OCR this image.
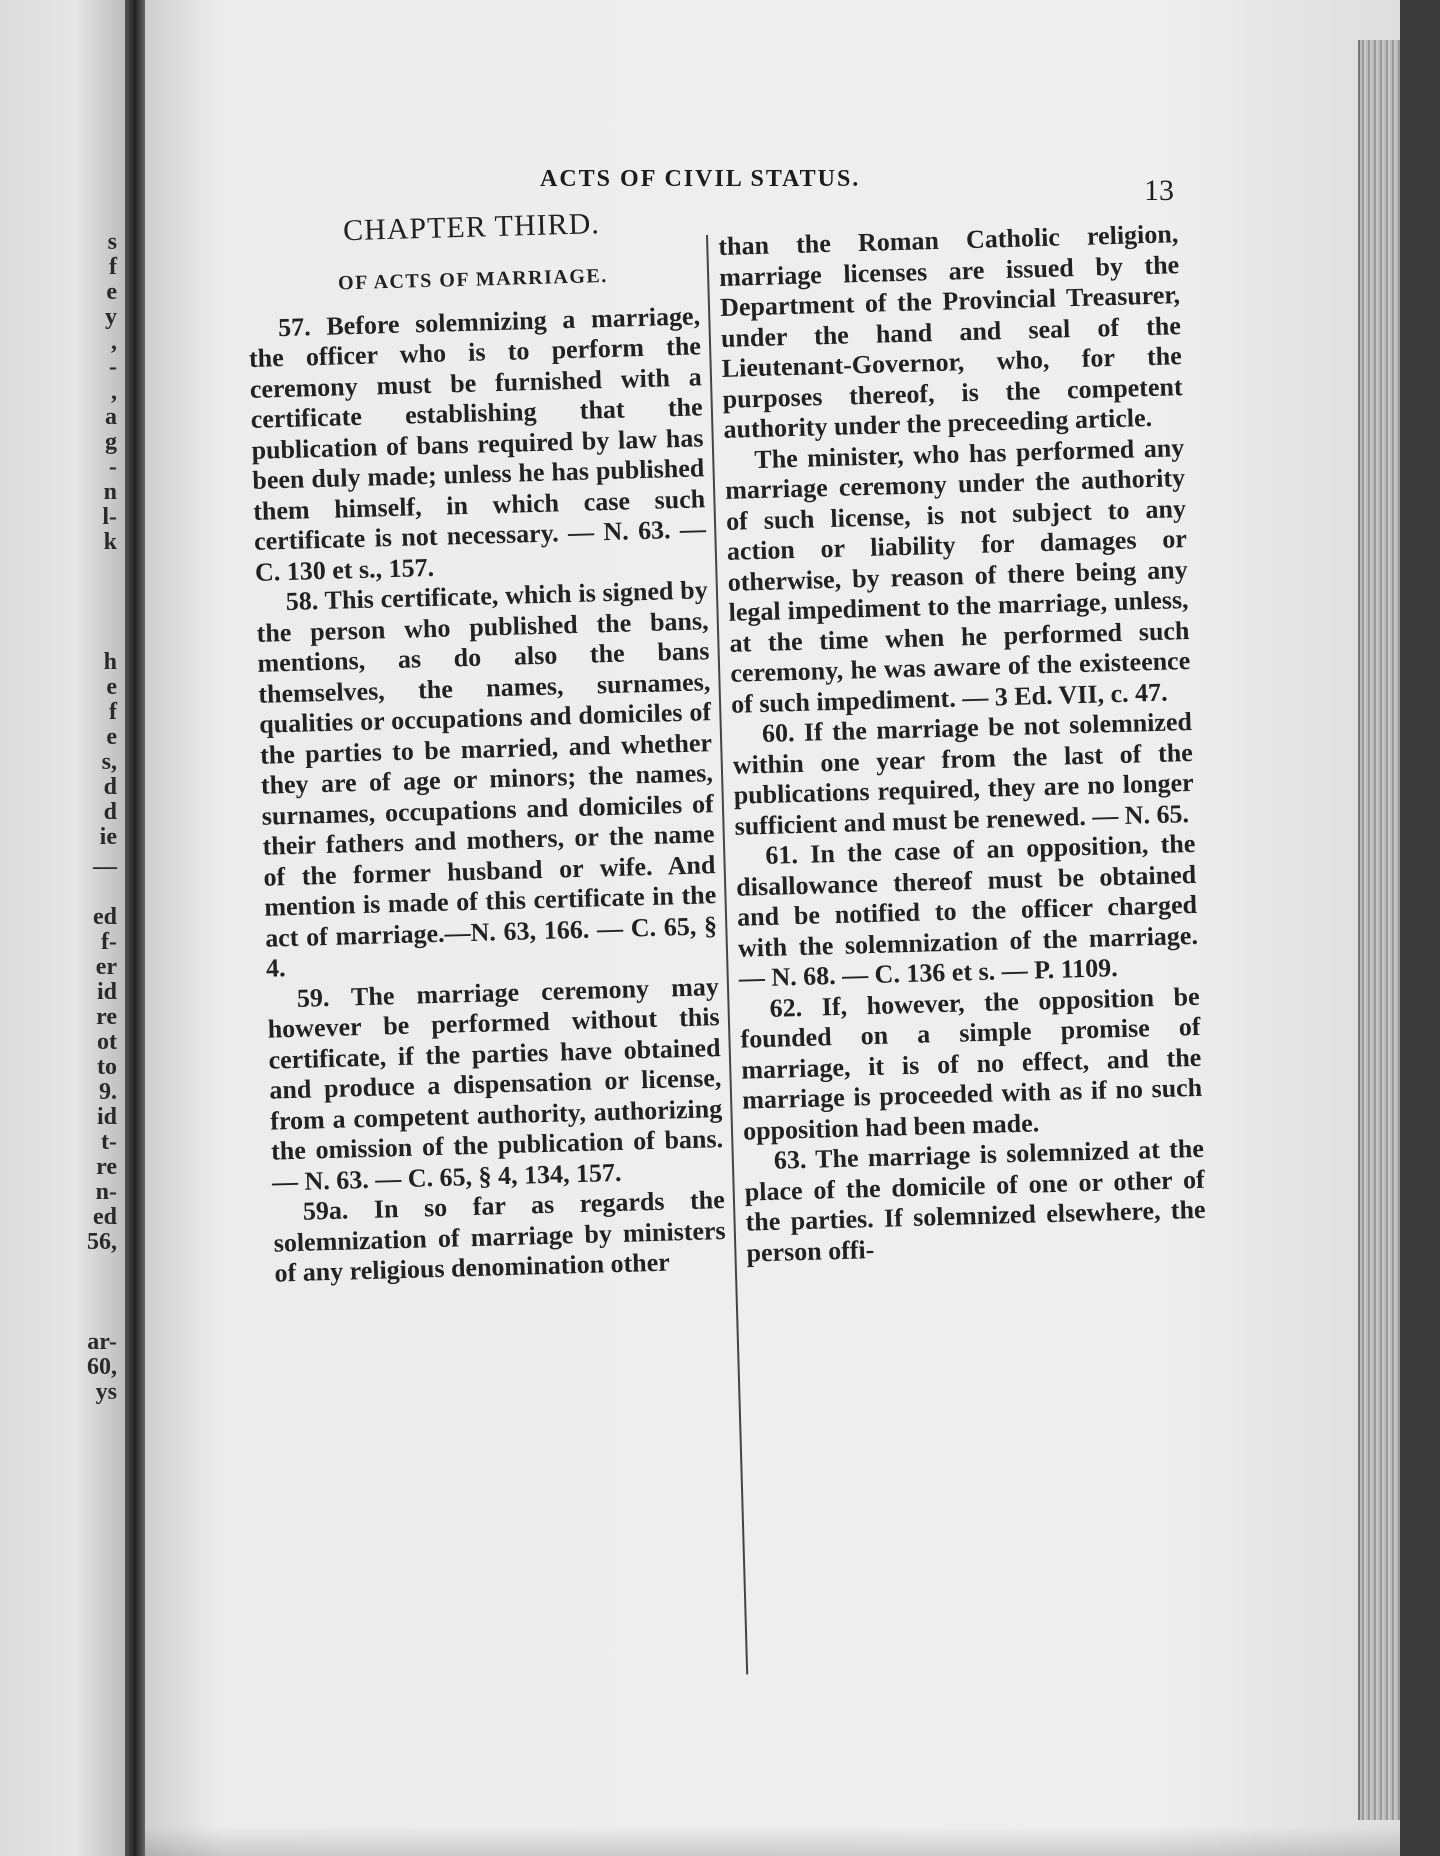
s
f
e
y
,
-
,
a
g
-
n
l-
k
h
e
f
e
s,
d
d
ie
—
ed
f-
er
id
re
ot
to
9.
id
t-
re
n-
ed
56,
ar-
60,
ys
ACTS OF CIVIL STATUS.	13
CHAPTER THIRD.
OF ACTS OF MARRIAGE.

57. Before solemnizing a marriage, the officer who is to perform the ceremony must be furnished with a certificate establishing that the publication of bans required by law has been duly made; unless he has published them himself, in which case such certificate is not necessary. — N. 63. — C. 130 et s., 157.

58. This certificate, which is signed by the person who published the bans, mentions, as do also the bans themselves, the names, surnames, qualities or occupations and domiciles of the parties to be married, and whether they are of age or minors; the names, surnames, occupations and domiciles of their fathers and mothers, or the name of the former husband or wife. And mention is made of this certificate in the act of marriage.—N. 63, 166. — C. 65, § 4.

59. The marriage ceremony may however be performed without this certificate, if the parties have obtained and produce a dispensation or license, from a competent authority, authorizing the omission of the publication of bans. — N. 63. — C. 65, § 4, 134, 157.

59a. In so far as regards the solemnization of marriage by ministers of any religious denomination other

than the Roman Catholic religion, marriage licenses are issued by the Department of the Provincial Treasurer, under the hand and seal of the Lieutenant-Governor, who, for the purposes thereof, is the competent authority under the preceeding article.

The minister, who has performed any marriage ceremony under the authority of such license, is not subject to any action or liability for damages or otherwise, by reason of there being any legal impediment to the marriage, unless, at the time when he performed such ceremony, he was aware of the existeence of such impediment. — 3 Ed. VII, c. 47.

60. If the marriage be not solemnized within one year from the last of the publications required, they are no longer sufficient and must be renewed. — N. 65.

61. In the case of an opposition, the disallowance thereof must be obtained and be notified to the officer charged with the solemnization of the marriage. — N. 68. — C. 136 et s. — P. 1109.

62. If, however, the opposition be founded on a simple promise of marriage, it is of no effect, and the marriage is proceeded with as if no such opposition had been made.

63. The marriage is solemnized at the place of the domicile of one or other of the parties. If solemnized elsewhere, the person offi-
